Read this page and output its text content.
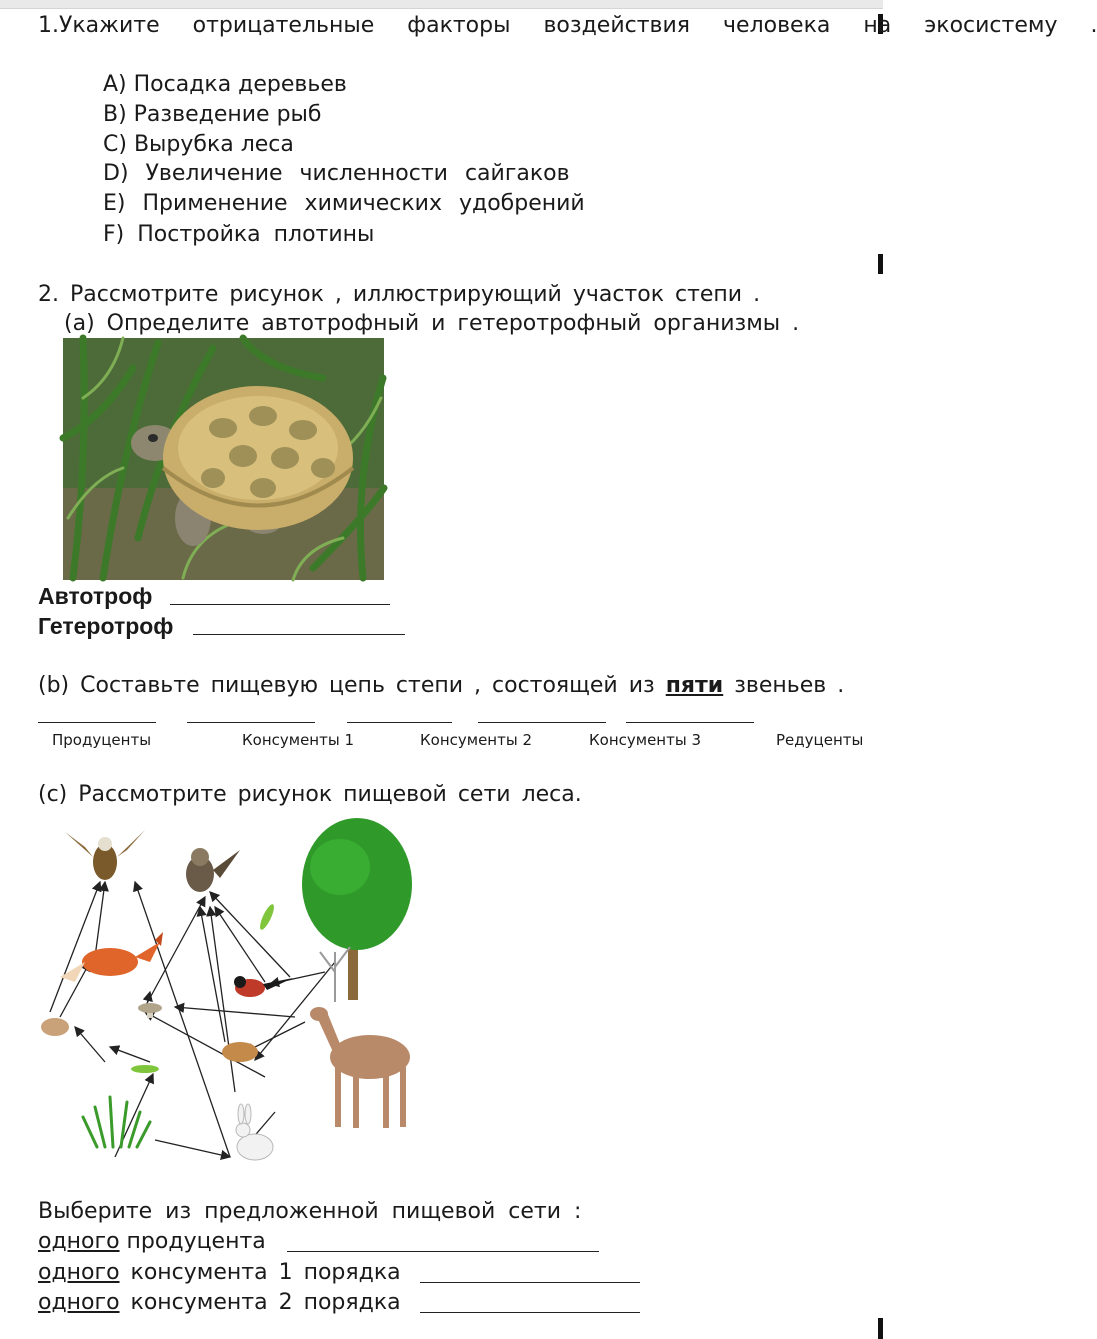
1.Укажите отрицательные факторы воздействия человека на экосистему .
A) Посадка деревьев
B) Разведение рыб
C) Вырубка леса
D) Увеличение численности сайгаков
E) Применение химических удобрений
F) Постройка плотины
2. Рассмотрите рисунок , иллюстрирующий участок степи .
(a) Определите автотрофный и гетеротрофный организмы .
Автотроф
Гетеротроф
(b) Составьте пищевую цепь степи , состоящей из пяти звеньев .
Продуценты	Консументы 1	Консументы 2	Консументы 3	Редуценты
(c) Рассмотрите рисунок пищевой сети леса.
Выберите из предложенной пищевой сети :
одного продуцента
одного консумента 1 порядка
одного консумента 2 порядка
